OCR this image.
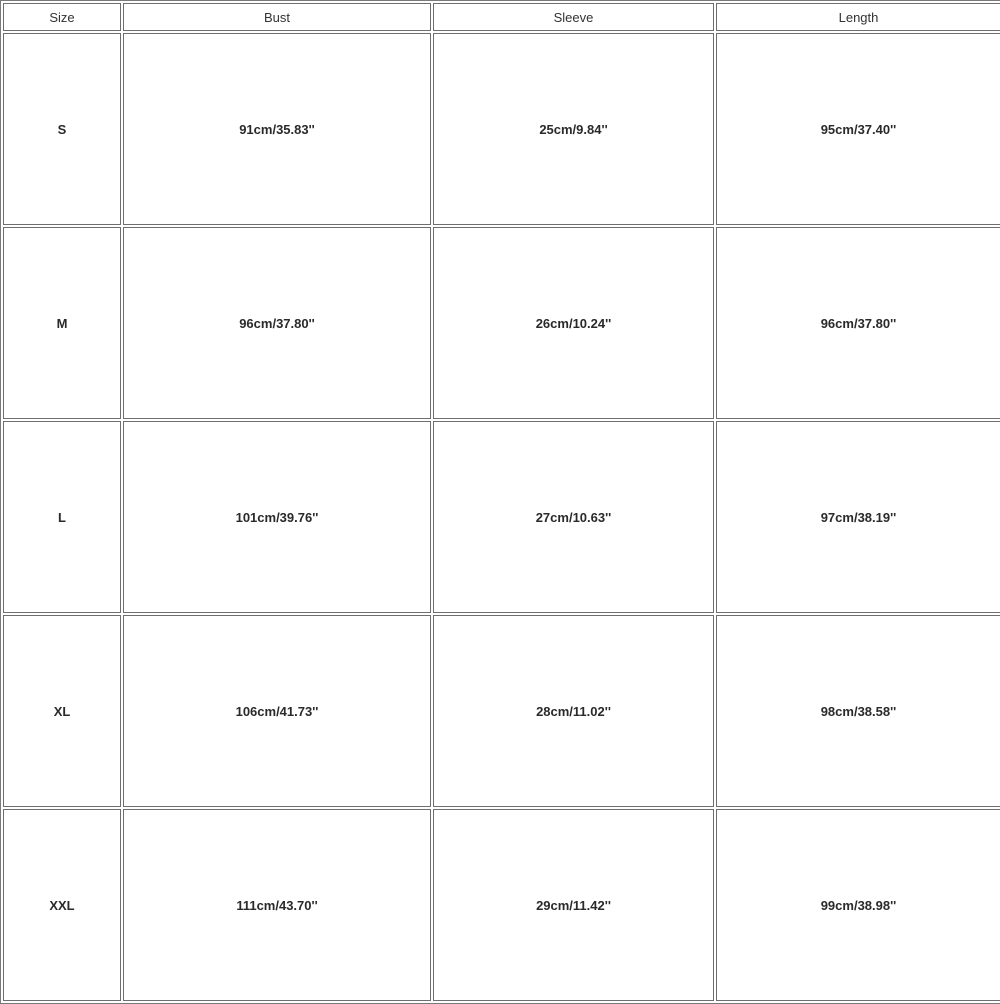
Size	Bust	Sleeve	Length
S	91cm/35.83''	25cm/9.84''	95cm/37.40''
M	96cm/37.80''	26cm/10.24''	96cm/37.80''
L	101cm/39.76''	27cm/10.63''	97cm/38.19''
XL	106cm/41.73''	28cm/11.02''	98cm/38.58''
XXL	111cm/43.70''	29cm/11.42''	99cm/38.98''
